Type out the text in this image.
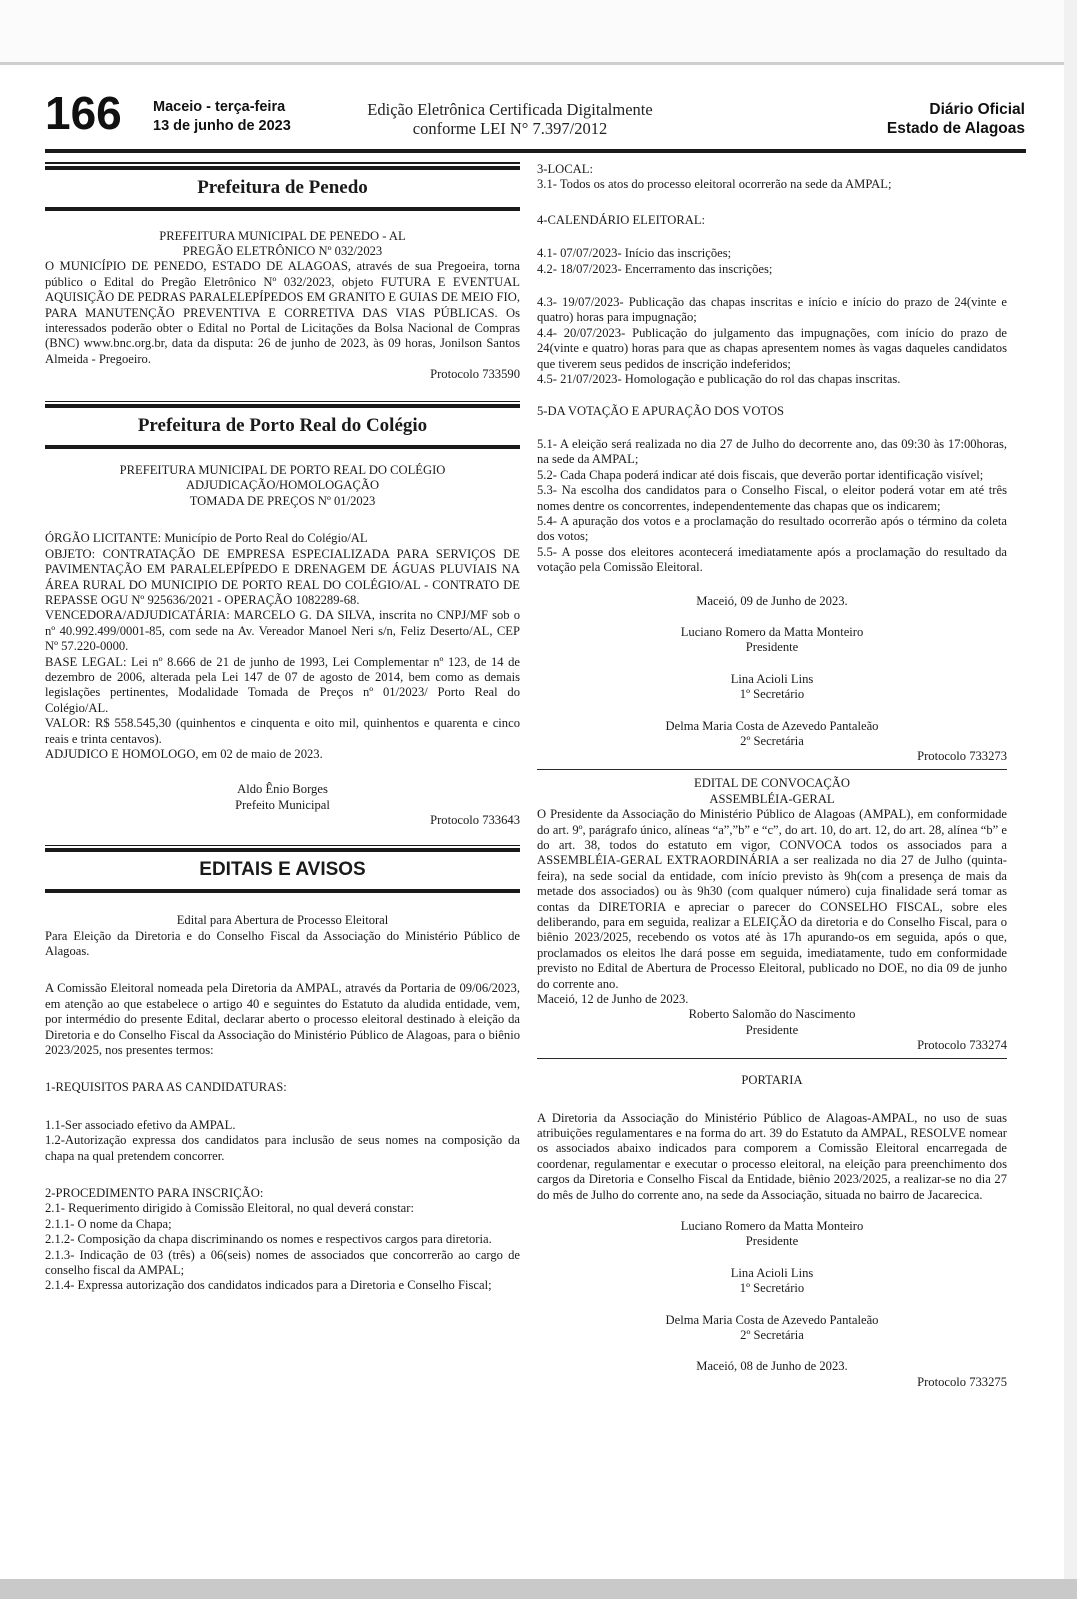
166 Maceio - terça-feira
13 de junho de 2023
Edição Eletrônica Certificada Digitalmente
conforme LEI N° 7.397/2012
Diário Oficial
Estado de Alagoas
Prefeitura de Penedo

PREFEITURA MUNICIPAL DE PENEDO - AL

PREGÃO ELETRÔNICO Nº 032/2023

O MUNICÍPIO DE PENEDO, ESTADO DE ALAGOAS, através de sua Pregoeira, torna público o Edital do Pregão Eletrônico Nº 032/2023, objeto FUTURA E EVENTUAL AQUISIÇÃO DE PEDRAS PARALELEPÍPEDOS EM GRANITO E GUIAS DE MEIO FIO, PARA MANUTENÇÃO PREVENTIVA E CORRETIVA DAS VIAS PÚBLICAS. Os interessados poderão obter o Edital no Portal de Licitações da Bolsa Nacional de Compras (BNC) www.bnc.org.br, data da disputa: 26 de junho de 2023, às 09 horas, Jonilson Santos Almeida - Pregoeiro.

Protocolo 733590

Prefeitura de Porto Real do Colégio

PREFEITURA MUNICIPAL DE PORTO REAL DO COLÉGIO

ADJUDICAÇÃO/HOMOLOGAÇÃO

TOMADA DE PREÇOS Nº 01/2023

ÓRGÃO LICITANTE: Município de Porto Real do Colégio/AL

OBJETO: CONTRATAÇÃO DE EMPRESA ESPECIALIZADA PARA SERVIÇOS DE PAVIMENTAÇÃO EM PARALELEPÍPEDO E DRENAGEM DE ÁGUAS PLUVIAIS NA ÁREA RURAL DO MUNICIPIO DE PORTO REAL DO COLÉGIO/AL - CONTRATO DE REPASSE OGU Nº 925636/2021 - OPERAÇÃO 1082289-68.

VENCEDORA/ADJUDICATÁRIA: MARCELO G. DA SILVA, inscrita no CNPJ/MF sob o nº 40.992.499/0001-85, com sede na Av. Vereador Manoel Neri s/n, Feliz Deserto/AL, CEP Nº 57.220-0000.

BASE LEGAL: Lei nº 8.666 de 21 de junho de 1993, Lei Complementar nº 123, de 14 de dezembro de 2006, alterada pela Lei 147 de 07 de agosto de 2014, bem como as demais legislações pertinentes, Modalidade Tomada de Preços nº 01/2023/ Porto Real do Colégio/AL.

VALOR: R$ 558.545,30 (quinhentos e cinquenta e oito mil, quinhentos e quarenta e cinco reais e trinta centavos).

ADJUDICO E HOMOLOGO, em 02 de maio de 2023.

Aldo Ênio Borges

Prefeito Municipal

Protocolo 733643

EDITAIS E AVISOS

Edital para Abertura de Processo Eleitoral

Para Eleição da Diretoria e do Conselho Fiscal da Associação do Ministério Público de Alagoas.

A Comissão Eleitoral nomeada pela Diretoria da AMPAL, através da Portaria de 09/06/2023, em atenção ao que estabelece o artigo 40 e seguintes do Estatuto da aludida entidade, vem, por intermédio do presente Edital, declarar aberto o processo eleitoral destinado à eleição da Diretoria e do Conselho Fiscal da Associação do Ministério Público de Alagoas, para o biênio 2023/2025, nos presentes termos:

1-REQUISITOS PARA AS CANDIDATURAS:

1.1-Ser associado efetivo da AMPAL.

1.2-Autorização expressa dos candidatos para inclusão de seus nomes na composição da chapa na qual pretendem concorrer.

2-PROCEDIMENTO PARA INSCRIÇÃO:

2.1- Requerimento dirigido à Comissão Eleitoral, no qual deverá constar:

2.1.1- O nome da Chapa;

2.1.2- Composição da chapa discriminando os nomes e respectivos cargos para diretoria.

2.1.3- Indicação de 03 (três) a 06(seis) nomes de associados que concorrerão ao cargo de conselho fiscal da AMPAL;

2.1.4- Expressa autorização dos candidatos indicados para a Diretoria e Conselho Fiscal;

3-LOCAL:

3.1- Todos os atos do processo eleitoral ocorrerão na sede da AMPAL;

4-CALENDÁRIO ELEITORAL:

4.1- 07/07/2023- Início das inscrições;

4.2- 18/07/2023- Encerramento das inscrições;

4.3- 19/07/2023- Publicação das chapas inscritas e início e início do prazo de 24(vinte e quatro) horas para impugnação;

4.4- 20/07/2023- Publicação do julgamento das impugnações, com início do prazo de 24(vinte e quatro) horas para que as chapas apresentem nomes às vagas daqueles candidatos que tiverem seus pedidos de inscrição indeferidos;

4.5- 21/07/2023- Homologação e publicação do rol das chapas inscritas.

5-DA VOTAÇÃO E APURAÇÃO DOS VOTOS

5.1- A eleição será realizada no dia 27 de Julho do decorrente ano, das 09:30 às 17:00horas, na sede da AMPAL;

5.2- Cada Chapa poderá indicar até dois fiscais, que deverão portar identificação visível;

5.3- Na escolha dos candidatos para o Conselho Fiscal, o eleitor poderá votar em até três nomes dentre os concorrentes, independentemente das chapas que os indicarem;

5.4- A apuração dos votos e a proclamação do resultado ocorrerão após o término da coleta dos votos;

5.5- A posse dos eleitores acontecerá imediatamente após a proclamação do resultado da votação pela Comissão Eleitoral.

Maceió, 09 de Junho de 2023.

Luciano Romero da Matta Monteiro

Presidente

Lina Acioli Lins

1º Secretário

Delma Maria Costa de Azevedo Pantaleão

2º Secretária

Protocolo 733273

EDITAL DE CONVOCAÇÃO

ASSEMBLÉIA-GERAL

O Presidente da Associação do Ministério Público de Alagoas (AMPAL), em conformidade do art. 9º, parágrafo único, alíneas “a”,”b” e “c”, do art. 10, do art. 12, do art. 28, alínea “b” e do art. 38, todos do estatuto em vigor, CONVOCA todos os associados para a ASSEMBLÉIA-GERAL EXTRAORDINÁRIA a ser realizada no dia 27 de Julho (quinta-feira), na sede social da entidade, com início previsto às 9h(com a presença de mais da metade dos associados) ou às 9h30 (com qualquer número) cuja finalidade será tomar as contas da DIRETORIA e apreciar o parecer do CONSELHO FISCAL, sobre eles deliberando, para em seguida, realizar a ELEIÇÃO da diretoria e do Conselho Fiscal, para o biênio 2023/2025, recebendo os votos até às 17h apurando-os em seguida, após o que, proclamados os eleitos lhe dará posse em seguida, imediatamente, tudo em conformidade previsto no Edital de Abertura de Processo Eleitoral, publicado no DOE, no dia 09 de junho do corrente ano.

Maceió, 12 de Junho de 2023.

Roberto Salomão do Nascimento

Presidente

Protocolo 733274

PORTARIA

A Diretoria da Associação do Ministério Público de Alagoas-AMPAL, no uso de suas atribuições regulamentares e na forma do art. 39 do Estatuto da AMPAL, RESOLVE nomear os associados abaixo indicados para comporem a Comissão Eleitoral encarregada de coordenar, regulamentar e executar o processo eleitoral, na eleição para preenchimento dos cargos da Diretoria e Conselho Fiscal da Entidade, biênio 2023/2025, a realizar-se no dia 27 do mês de Julho do corrente ano, na sede da Associação, situada no bairro de Jacarecica.

Luciano Romero da Matta Monteiro

Presidente

Lina Acioli Lins

1º Secretário

Delma Maria Costa de Azevedo Pantaleão

2º Secretária

Maceió, 08 de Junho de 2023.

Protocolo 733275
